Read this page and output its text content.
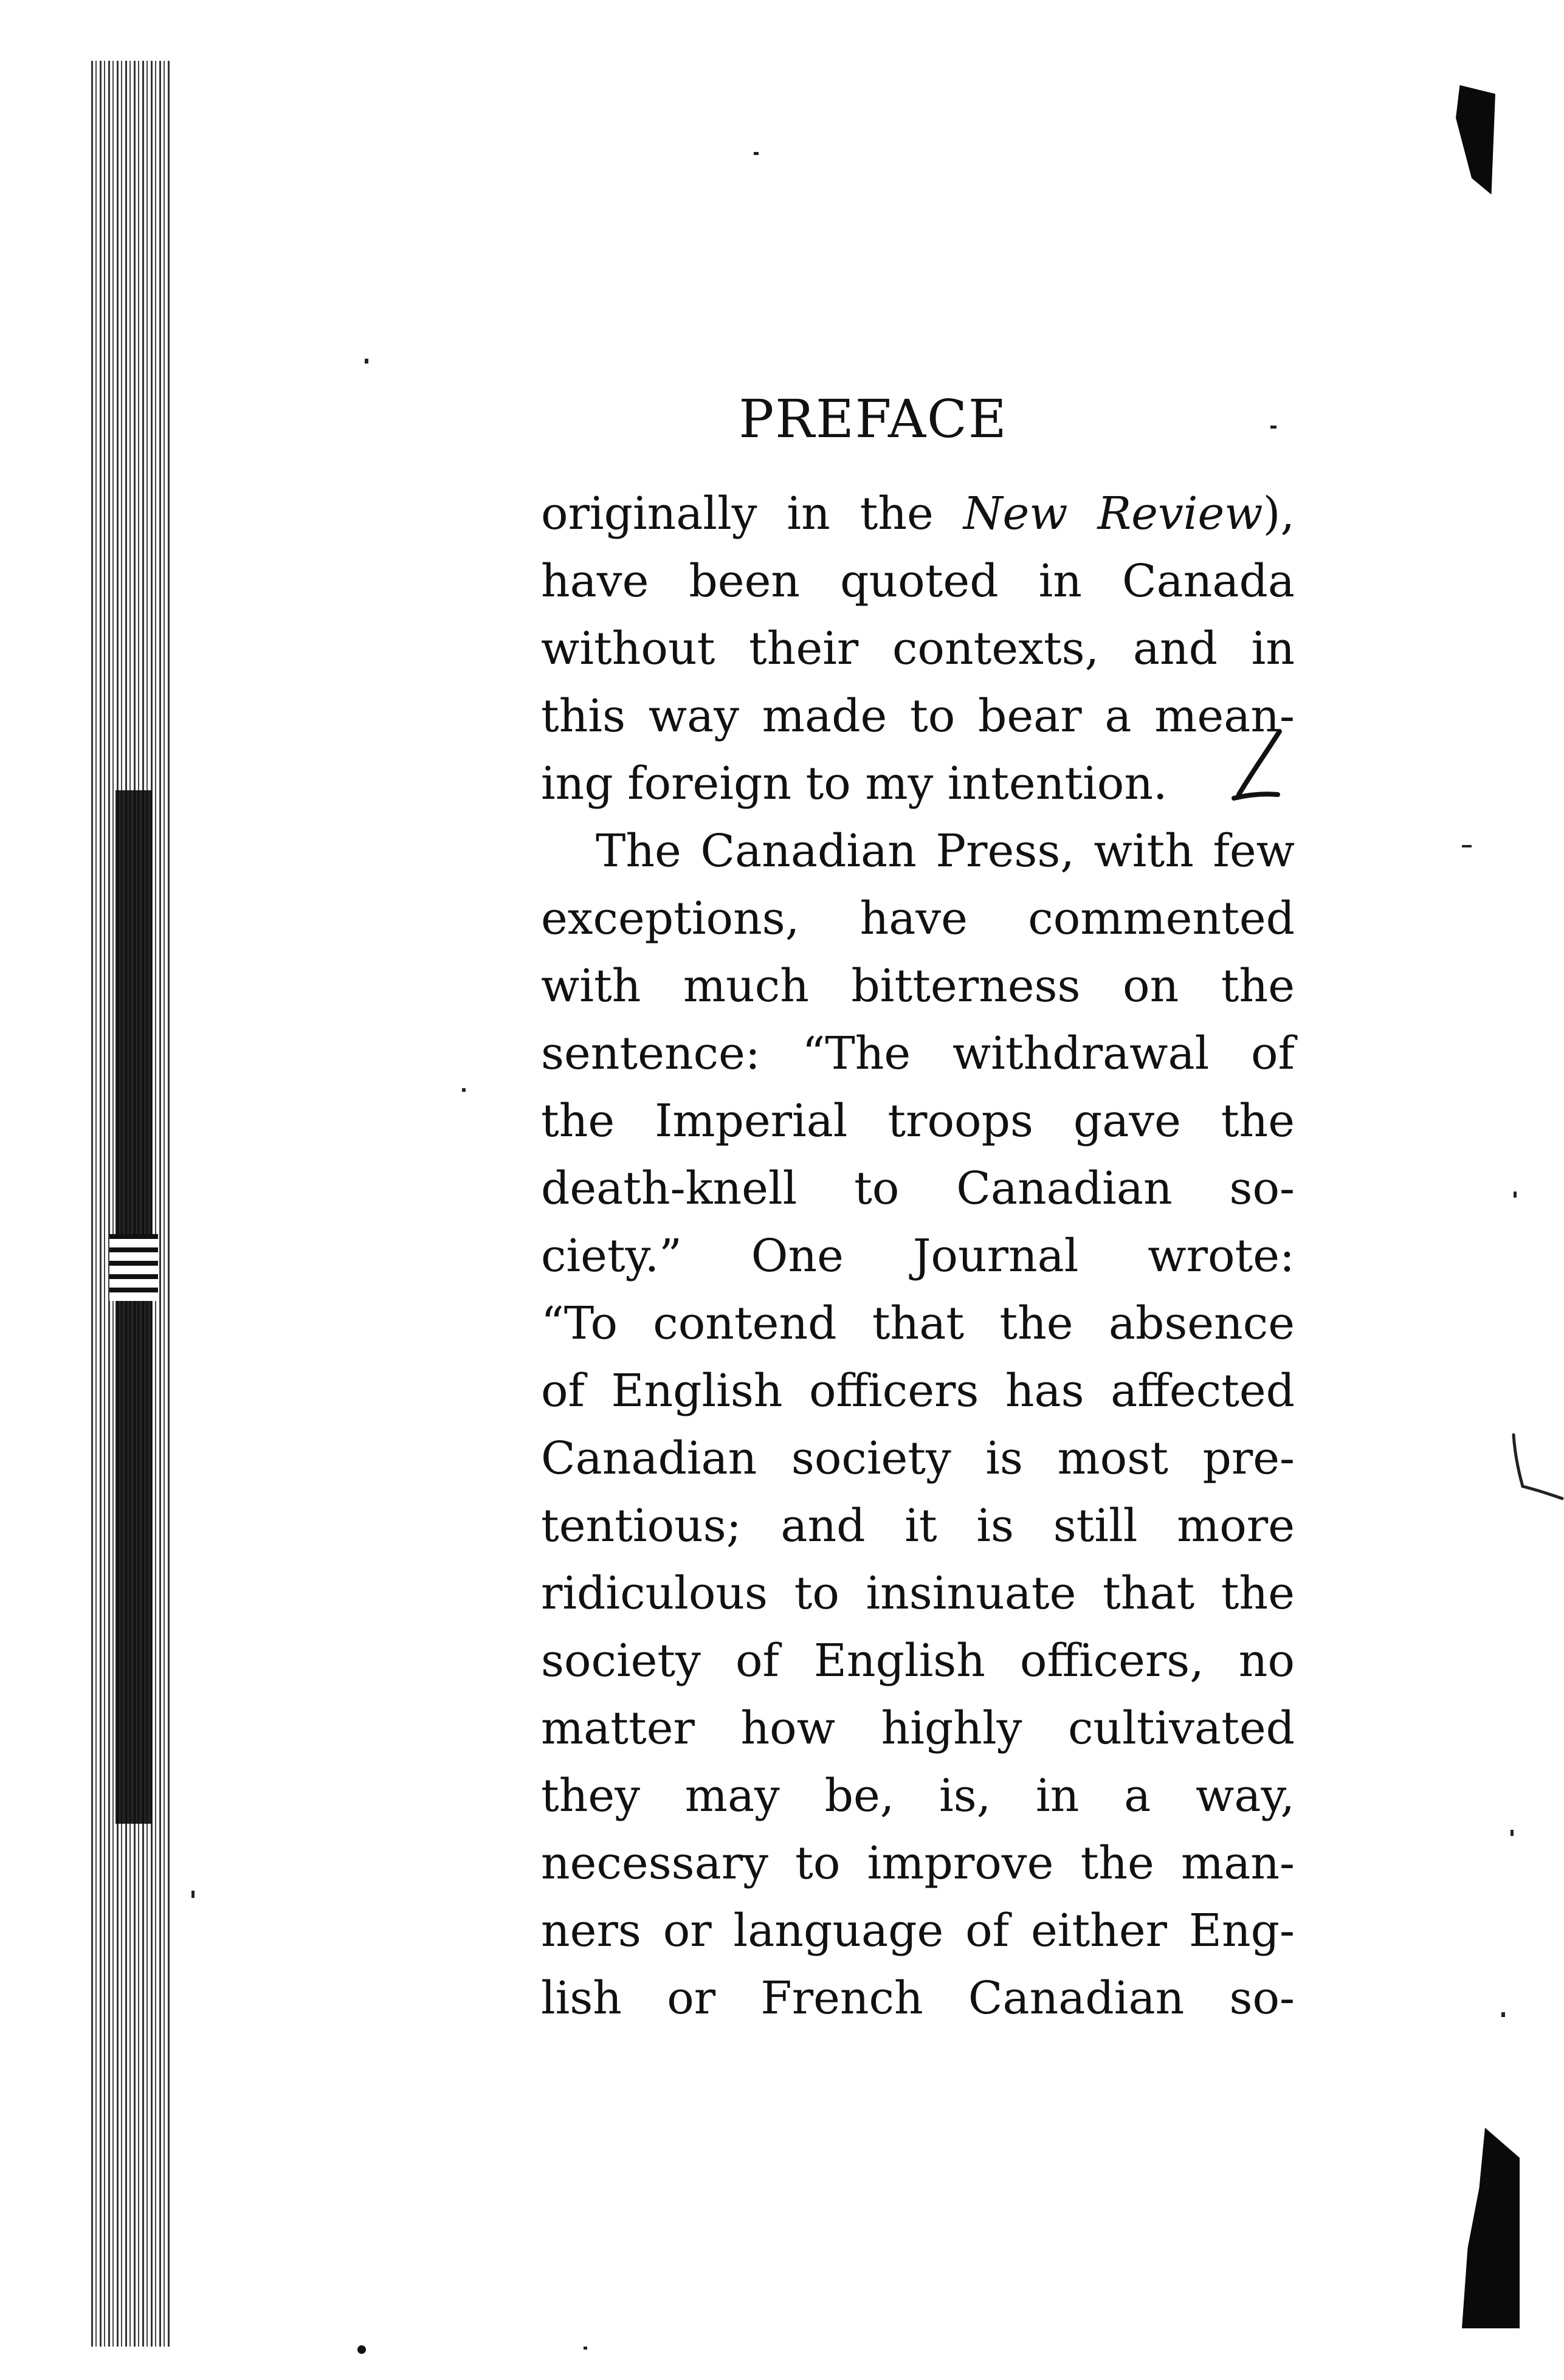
PREFACE
originally in the New Review),
have been quoted in Canada
without their contexts, and in
this way made to bear a mean-
ing foreign to my intention.
The Canadian Press, with few
exceptions, have commented
with much bitterness on the
sentence: “The withdrawal of
the Imperial troops gave the
death-knell to Canadian so-
ciety.” One Journal wrote:
“To contend that the absence
of English officers has affected
Canadian society is most pre-
tentious; and it is still more
ridiculous to insinuate that the
society of English officers, no
matter how highly cultivated
they may be, is, in a way,
necessary to improve the man-
ners or language of either Eng-
lish or French Canadian so-
